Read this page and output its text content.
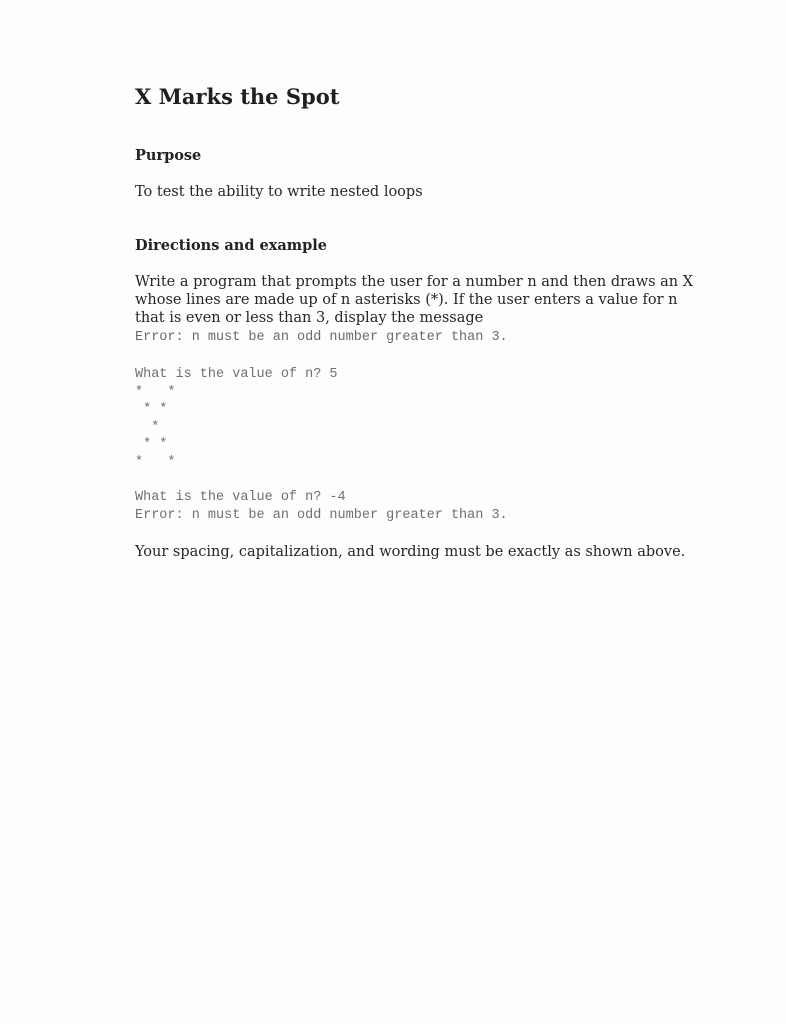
X Marks the Spot
Purpose

To test the ability to write nested loops

Directions and example

Write a program that prompts the user for a number n and then draws an X whose lines are made up of n asterisks (*). If the user enters a value for n that is even or less than 3, display the message Error: n must be an odd number greater than 3.

What is the value of n? 5
*   *
* *
*
* *
*   *
What is the value of n? -4
Error: n must be an odd number greater than 3.

Your spacing, capitalization, and wording must be exactly as shown above.
